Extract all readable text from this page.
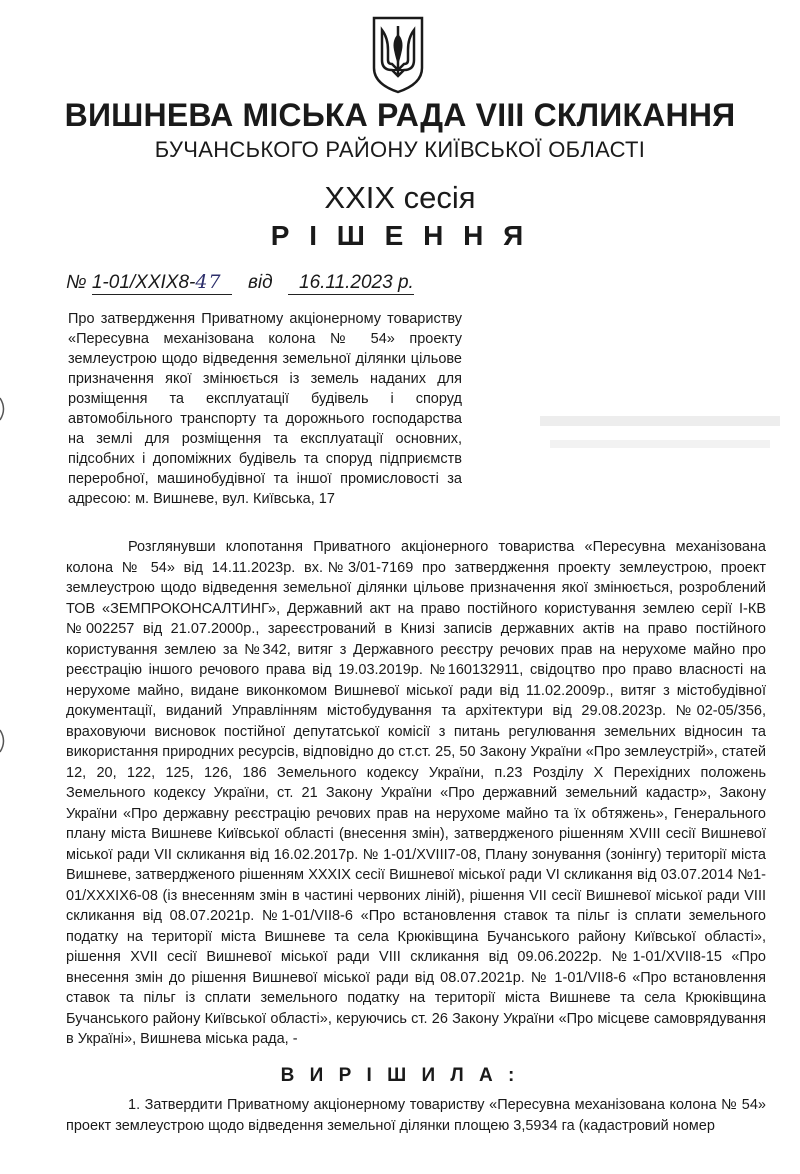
ВИШНЕВА МІСЬКА РАДА VIII СКЛИКАННЯ
БУЧАНСЬКОГО РАЙОНУ КИЇВСЬКОЇ ОБЛАСТІ
XXIX сесія
Р І Ш Е Н Н Я
№ 1-01/XXIX8-47 від 16.11.2023 р.
Про затвердження Приватному акціонерному товариству «Пересувна механізована колона № 54» проекту землеустрою щодо відведення земельної ділянки цільове призначення якої змінюється із земель наданих для розміщення та експлуатації будівель і споруд автомобільного транспорту та дорожнього господарства на землі для розміщення та експлуатації основних, підсобних і допоміжних будівель та споруд підприємств переробної, машинобудівної та іншої промисловості за адресою: м. Вишневе, вул. Київська, 17
Розглянувши клопотання Приватного акціонерного товариства «Пересувна механізована колона № 54» від 14.11.2023р. вх.№3/01-7169 про затвердження проекту землеустрою, проект землеустрою щодо відведення земельної ділянки цільове призначення якої змінюється, розроблений ТОВ «ЗЕМПРОКОНСАЛТИНГ», Державний акт на право постійного користування землею серії І-КВ №002257 від 21.07.2000р., зареєстрований в Книзі записів державних актів на право постійного користування землею за №342, витяг з Державного реєстру речових прав на нерухоме майно про реєстрацію іншого речового права від 19.03.2019р. №160132911, свідоцтво про право власності на нерухоме майно, видане виконкомом Вишневої міської ради від 11.02.2009р., витяг з містобудівної документації, виданий Управлінням містобудування та архітектури від 29.08.2023р. №02-05/356, враховуючи висновок постійної депутатської комісії з питань регулювання земельних відносин та використання природних ресурсів, відповідно до ст.ст. 25, 50 Закону України «Про землеустрій», статей 12, 20, 122, 125, 126, 186 Земельного кодексу України, п.23 Розділу Х Перехідних положень Земельного кодексу України, ст. 21 Закону України «Про державний земельний кадастр», Закону України «Про державну реєстрацію речових прав на нерухоме майно та їх обтяжень», Генерального плану міста Вишневе Київської області (внесення змін), затвердженого рішенням XVIII сесії Вишневої міської ради VII скликання від 16.02.2017р. № 1-01/XVIII7-08, Плану зонування (зонінгу) території міста Вишневе, затвердженого рішенням XXXIX сесії Вишневої міської ради VI скликання від 03.07.2014 №1-01/XXXIX6-08 (із внесенням змін в частині червоних ліній), рішення VII сесії Вишневої міської ради VIII скликання від 08.07.2021р. №1-01/VII8-6 «Про встановлення ставок та пільг із сплати земельного податку на території міста Вишневе та села Крюківщина Бучанського району Київської області», рішення XVII сесії Вишневої міської ради VIII скликання від 09.06.2022р. №1-01/XVII8-15 «Про внесення змін до рішення Вишневої міської ради від 08.07.2021р. № 1-01/VII8-6 «Про встановлення ставок та пільг із сплати земельного податку на території міста Вишневе та села Крюківщина Бучанського району Київської області», керуючись ст. 26 Закону України «Про місцеве самоврядування в Україні», Вишнева міська рада, -
В И Р І Ш И Л А :
1. Затвердити Приватному акціонерному товариству «Пересувна механізована колона № 54» проект землеустрою щодо відведення земельної ділянки площею 3,5934 га (кадастровий номер
